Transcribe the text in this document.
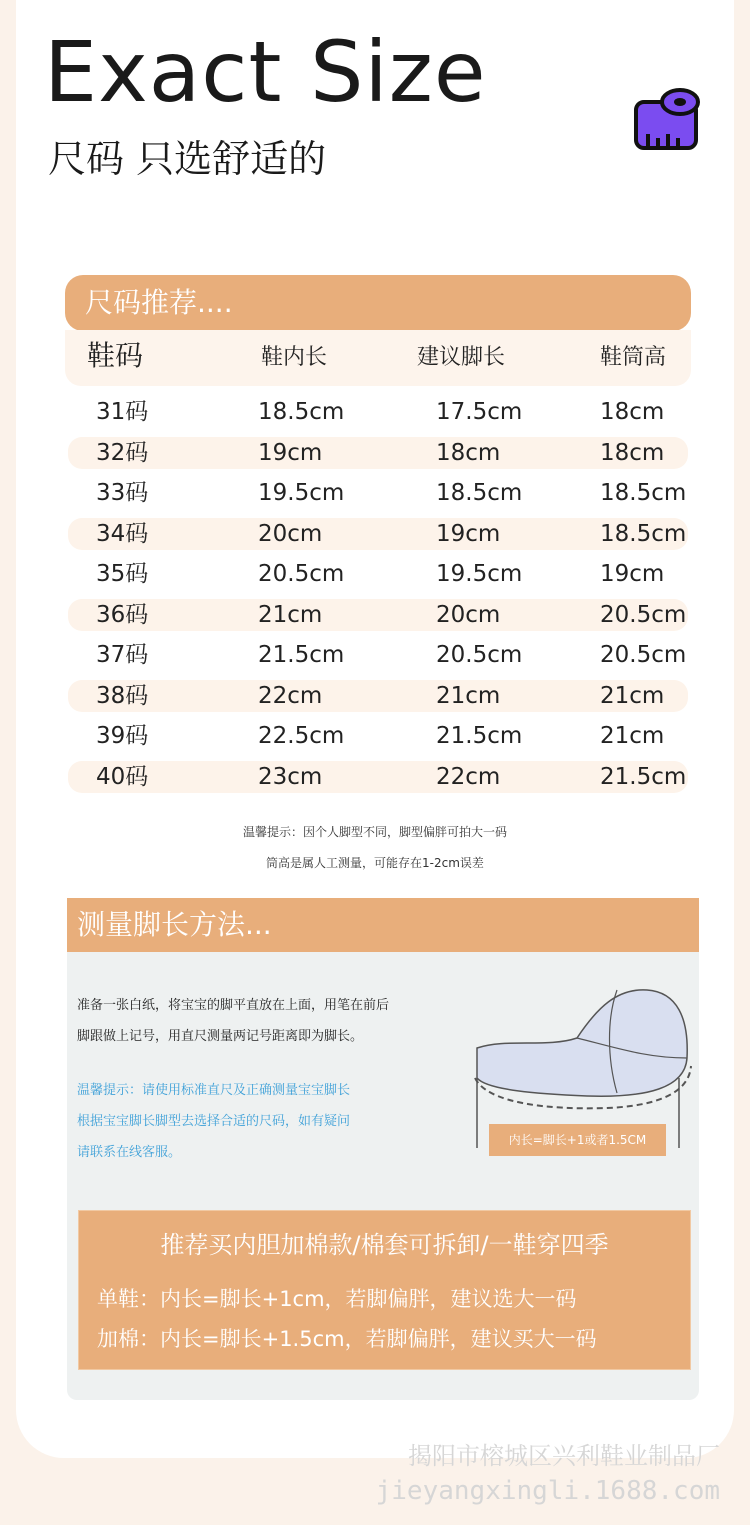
Exact Size
尺码 只选舒适的
尺码推荐....
鞋码	鞋内长	建议脚长	鞋筒高
31码	18.5cm	17.5cm	18cm
32码	19cm	18cm	18cm
33码	19.5cm	18.5cm	18.5cm
34码	20cm	19cm	18.5cm
35码	20.5cm	19.5cm	19cm
36码	21cm	20cm	20.5cm
37码	21.5cm	20.5cm	20.5cm
38码	22cm	21cm	21cm
39码	22.5cm	21.5cm	21cm
40码	23cm	22cm	21.5cm
温馨提示：因个人脚型不同，脚型偏胖可拍大一码
筒高是属人工测量，可能存在1-2cm误差
测量脚长方法...
准备一张白纸，将宝宝的脚平直放在上面，用笔在前后
脚跟做上记号，用直尺测量两记号距离即为脚长。
温馨提示：请使用标准直尺及正确测量宝宝脚长
根据宝宝脚长脚型去选择合适的尺码，如有疑问
请联系在线客服。
内长=脚长+1或者1.5CM
推荐买内胆加棉款/棉套可拆卸/一鞋穿四季
单鞋：内长=脚长+1cm，若脚偏胖，建议选大一码
加棉：内长=脚长+1.5cm，若脚偏胖，建议买大一码
揭阳市榕城区兴利鞋业制品厂
jieyangxingli.1688.com
